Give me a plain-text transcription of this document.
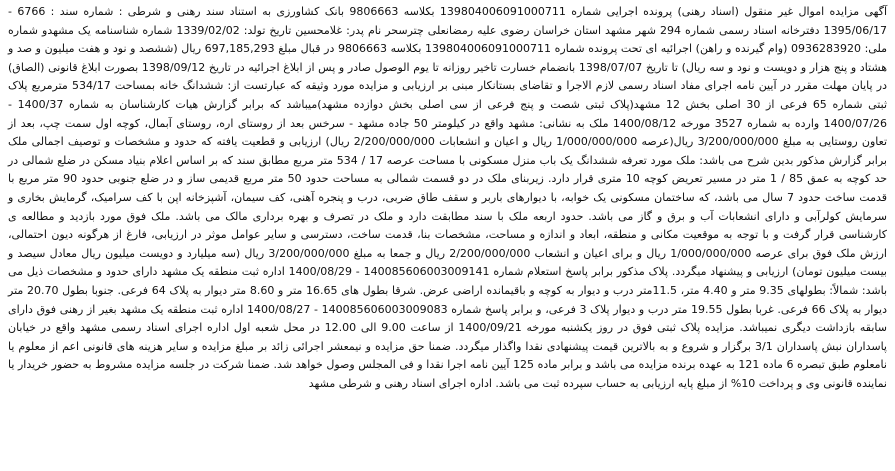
آگهی مزایده اموال غیر منقول (اسناد رهنی) پرونده اجرایی شماره 139804006091000711 بکلاسه 9806663 بانک کشاورزی به استناد سند رهنی و شرطی : شماره سند : 6766 - 1395/06/17 دفترخانه اسناد رسمی شماره 294 شهر مشهد استان خراسان رضوی علیه رمضانعلی چترسحر نام پدر: غلامحسین تاریخ تولد: 1339/02/02 شماره شناسنامه یک مشهدو شماره ملی: 0936283920 (وام گیرنده و راهن) اجرائیه ای تحت پرونده شماره 139804006091000711 بکلاسه 9806663 در قبال مبلغ 697,185,293 ریال (ششصد و نود و هفت میلیون و صد و هشتاد و پنج هزار و دویست و نود و سه ریال) تا تاریخ 1398/07/07 بانضمام خسارت تاخیر روزانه تا یوم الوصول صادر و پس از ابلاغ اجرائیه در تاریخ 1398/09/12 بصورت ابلاغ قانونی (الصاق) در پایان مهلت مقرر در آیین نامه اجرای مفاد اسناد رسمی لازم الاجرا و تقاضای بستانکار مبنی بر ارزیابی و مزایده مورد وثیقه که عبارتست از: ششدانگ خانه بمساحت 534/17 مترمربع پلاک ثبتی شماره 65 فرعی از 30 اصلی بخش 12 مشهد(پلاک ثبتی شصت و پنج فرعی از سی اصلی بخش دوازده مشهد)میباشد که برابر گزارش هیات کارشناسان به شماره 1400/37 - 1400/07/26 وارده به شماره 3527 مورخه 1400/08/12 ملک به نشانی: مشهد واقع در کیلومتر 50 جاده مشهد - سرخس بعد از روستای اره، روستای آبمال، کوچه اول سمت چپ، بعد از تعاون روستایی به مبلغ 3/200/000/000 ریال(عرصه 1/000/000/000 ریال و اعیان و انشعابات 2/200/000/000 ریال) ارزیابی و قطعیت یافته که حدود و مشخصات و توصیف اجمالی ملک برابر گزارش مذکور بدین شرح می باشد: ملک مورد تعرفه ششدانگ یک باب منزل مسکونی با مساحت عرصه 17 / 534 متر مربع مطابق سند که بر اساس اعلام بنیاد مسکن در ضلع شمالی در حد کوچه به عمق 85 / 1 متر در مسیر تعریض کوچه 10 متری قرار دارد. زیربنای ملک در دو قسمت شمالی به مساحت حدود 50 متر مربع قدیمی ساز و در ضلع جنوبی حدود 90 متر مربع با قدمت ساخت حدود 7 سال می باشد، که ساختمان مسکونی یک خوابه، با دیوارهای باربر و سقف طاق ضربی، درب و پنجره آهنی، کف سیمان، آشپزخانه اپن با کف سرامیک، گرمایش بخاری و سرمایش کولرآبی و دارای انشعابات آب و برق و گاز می باشد. حدود اربعه ملک با سند مطابقت دارد و ملک در تصرف و بهره برداری مالک می باشد. ملک فوق مورد بازدید و مطالعه ی کارشناسی قرار گرفت و با توجه به موقعیت مکانی و منطقه، ابعاد و اندازه و مساحت، مشخصات بنا، قدمت ساخت، دسترسی و سایر عوامل موثر در ارزیابی، فارغ از هرگونه دیون احتمالی، ارزش ملک فوق برای عرصه 1/000/000/000 ریال و برای اعیان و انشعاب 2/200/000/000 ریال و جمعا به مبلغ 3/200/000/000 ریال (سه میلیارد و دویست میلیون ریال معادل سیصد و بیست میلیون تومان) ارزیابی و پیشنهاد میگردد. پلاک مذکور برابر پاسخ استعلام شماره 140085606003009141 - 1400/08/29 اداره ثبت منطقه یک مشهد دارای حدود و مشخصات ذیل می باشد: شمالاً: بطولهای 9.35 متر و 4.40 متر، 11.5متر درب و دیوار به کوچه و باقیمانده اراضی عرض. شرقا بطول های 16.65 متر و 8.60 متر دیوار به پلاک 64 فرعی. جنوبا بطول 20.70 متر دیوار به پلاک 66 فرعی. غربا بطول 19.55 متر درب و دیوار پلاک 3 فرعی، و برابر پاسخ شماره 140085606003009083 - 1400/08/27 اداره ثبت منطقه یک مشهد بغیر از رهنی فوق دارای سابقه بازداشت دیگری نمیباشد. مزایده پلاک ثبتی فوق در روز یکشنبه مورخه 1400/09/21 از ساعت 9.00 الی 12.00 در محل شعبه اول اداره اجرای اسناد رسمی مشهد واقع در خیابان پاسداران نبش پاسداران 3/1 برگزار و شروع و به بالاترین قیمت پیشنهادی نقدا واگذار میگردد. ضمنا حق مزایده و نیمعشر اجرائی زائد بر مبلغ مزایده و سایر هزینه های قانونی اعم از معلوم یا نامعلوم طبق تبصره 6 ماده 121 به عهده برنده مزایده می باشد و برابر ماده 125 آیین نامه اجرا نقدا و فی المجلس وصول خواهد شد. ضمنا شرکت در جلسه مزایده مشروط به حضور خریدار یا نماینده قانونی وی و پرداخت 10% از مبلغ پایه ارزیابی به حساب سپرده ثبت می باشد. اداره اجرای اسناد رهنی و شرطی مشهد
